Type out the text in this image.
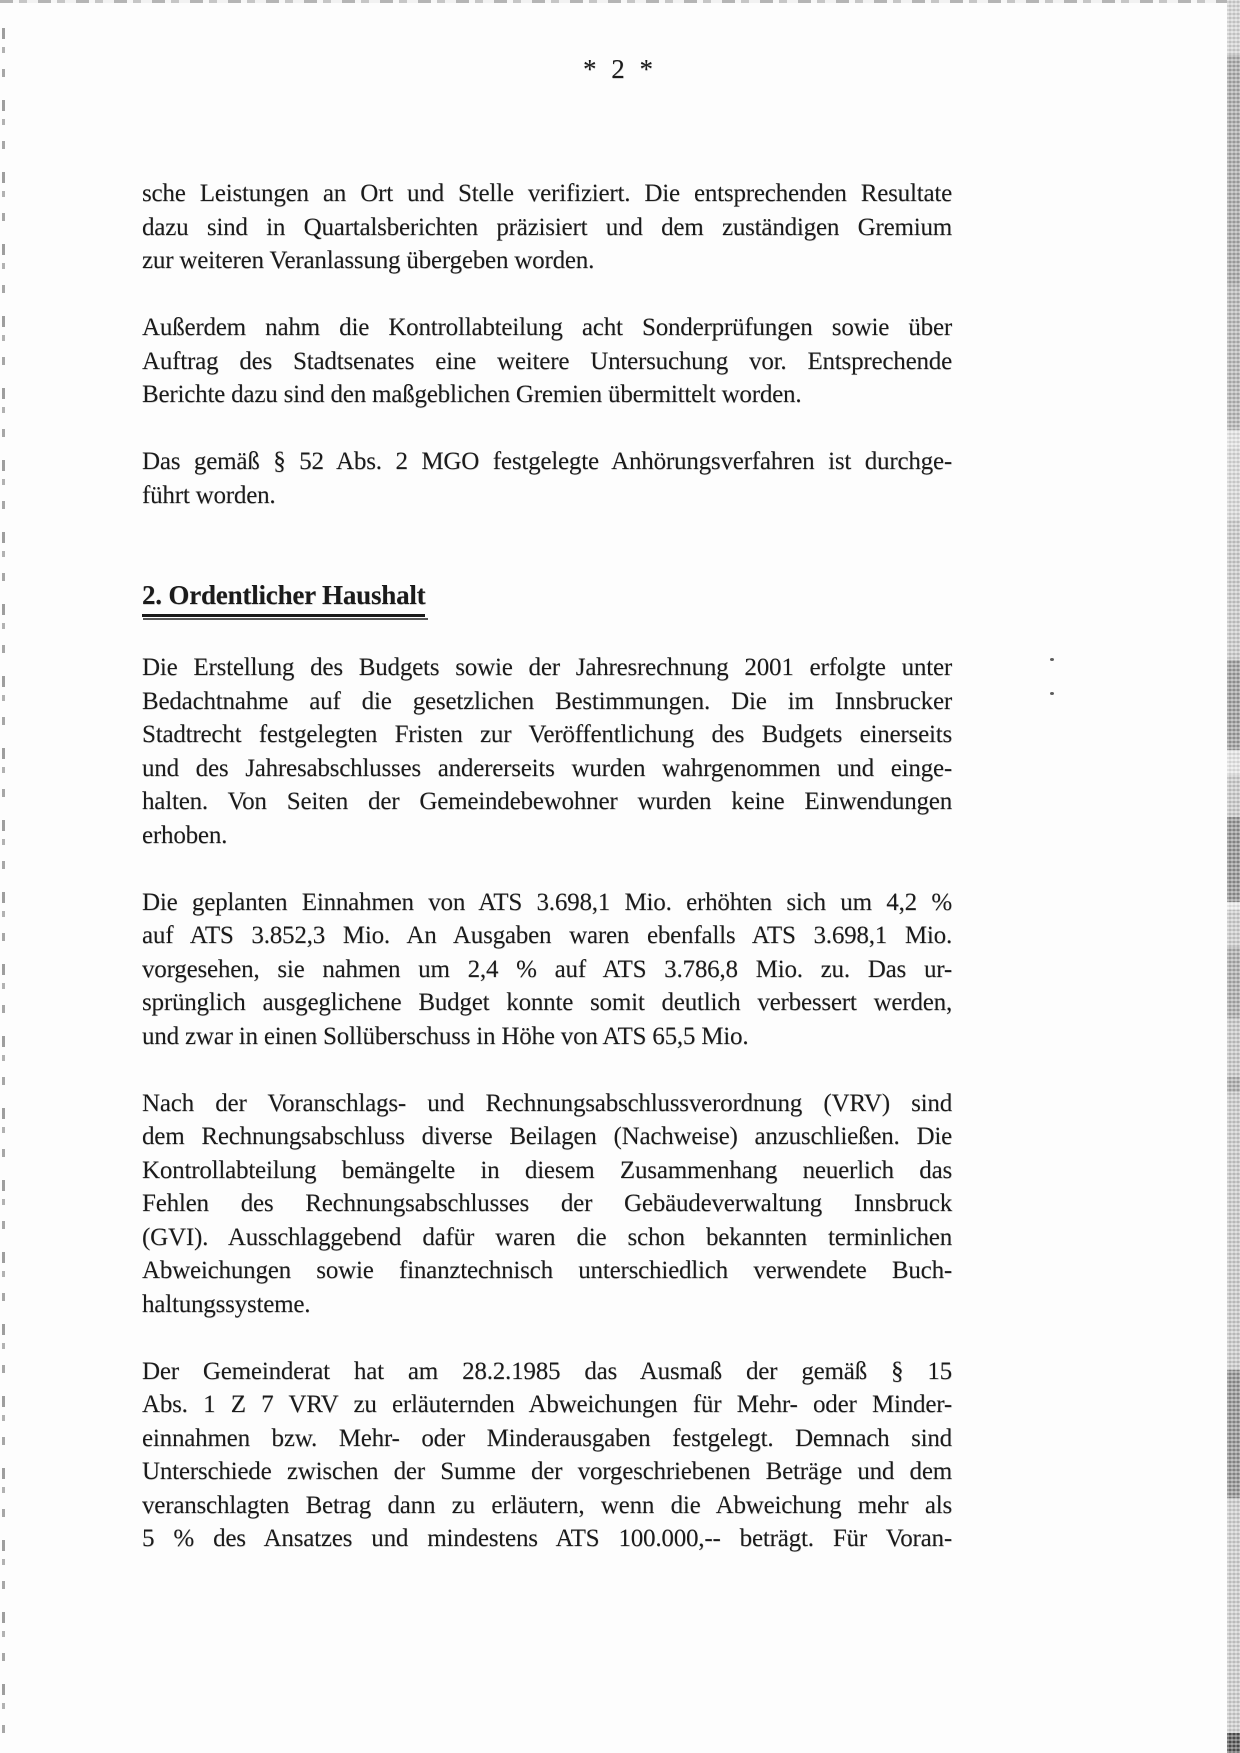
* 2 *
sche Leistungen an Ort und Stelle verifiziert. Die entsprechenden Resultate
dazu sind in Quartalsberichten präzisiert und dem zuständigen Gremium
zur weiteren Veranlassung übergeben worden.
Außerdem nahm die Kontrollabteilung acht Sonderprüfungen sowie über
Auftrag des Stadtsenates eine weitere Untersuchung vor. Entsprechende
Berichte dazu sind den maßgeblichen Gremien übermittelt worden.
Das gemäß § 52 Abs. 2 MGO festgelegte Anhörungsverfahren ist durchge-
führt worden.
2. Ordentlicher Haushalt
Die Erstellung des Budgets sowie der Jahresrechnung 2001 erfolgte unter
Bedachtnahme auf die gesetzlichen Bestimmungen. Die im Innsbrucker
Stadtrecht festgelegten Fristen zur Veröffentlichung des Budgets einerseits
und des Jahresabschlusses andererseits wurden wahrgenommen und einge-
halten. Von Seiten der Gemeindebewohner wurden keine Einwendungen
erhoben.
Die geplanten Einnahmen von ATS 3.698,1 Mio. erhöhten sich um 4,2 %
auf ATS 3.852,3 Mio. An Ausgaben waren ebenfalls ATS 3.698,1 Mio.
vorgesehen, sie nahmen um 2,4 % auf ATS 3.786,8 Mio. zu. Das ur-
sprünglich ausgeglichene Budget konnte somit deutlich verbessert werden,
und zwar in einen Sollüberschuss in Höhe von ATS 65,5 Mio.
Nach der Voranschlags- und Rechnungsabschlussverordnung (VRV) sind
dem Rechnungsabschluss diverse Beilagen (Nachweise) anzuschließen. Die
Kontrollabteilung bemängelte in diesem Zusammenhang neuerlich das
Fehlen des Rechnungsabschlusses der Gebäudeverwaltung Innsbruck
(GVI). Ausschlaggebend dafür waren die schon bekannten terminlichen
Abweichungen sowie finanztechnisch unterschiedlich verwendete Buch-
haltungssysteme.
Der Gemeinderat hat am 28.2.1985 das Ausmaß der gemäß § 15
Abs. 1 Z 7 VRV zu erläuternden Abweichungen für Mehr- oder Minder-
einnahmen bzw. Mehr- oder Minderausgaben festgelegt. Demnach sind
Unterschiede zwischen der Summe der vorgeschriebenen Beträge und dem
veranschlagten Betrag dann zu erläutern, wenn die Abweichung mehr als
5 % des Ansatzes und mindestens ATS 100.000,-- beträgt. Für Voran-
